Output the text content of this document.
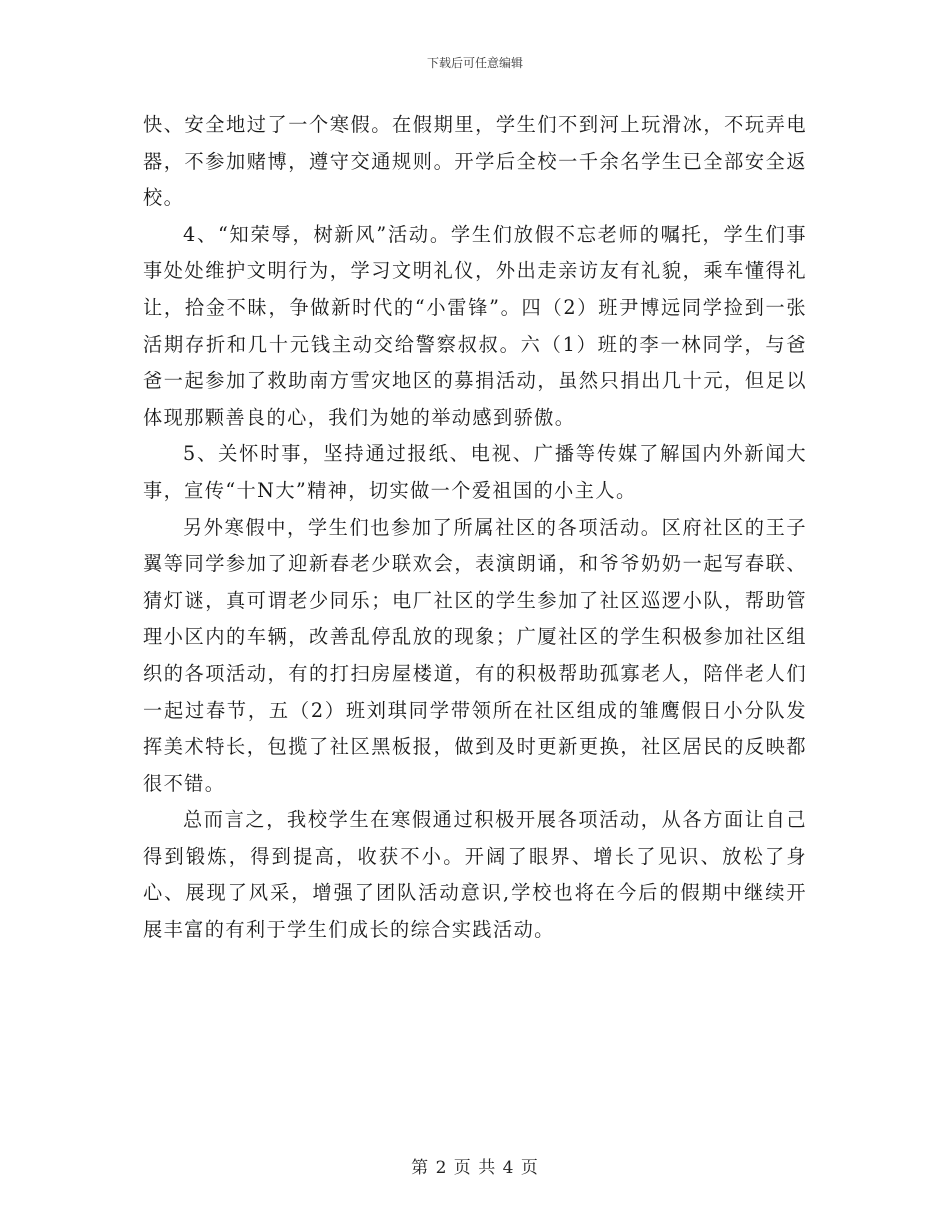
下载后可任意编辑

快、安全地过了一个寒假。在假期里，学生们不到河上玩滑冰，不玩弄电器，不参加赌博，遵守交通规则。开学后全校一千余名学生已全部安全返校。

4、“知荣辱，树新风”活动。学生们放假不忘老师的嘱托，学生们事事处处维护文明行为，学习文明礼仪，外出走亲访友有礼貌，乘车懂得礼让，拾金不昧，争做新时代的“小雷锋”。四（2）班尹博远同学捡到一张活期存折和几十元钱主动交给警察叔叔。六（1）班的李一林同学，与爸爸一起参加了救助南方雪灾地区的募捐活动，虽然只捐出几十元，但足以体现那颗善良的心，我们为她的举动感到骄傲。

5、关怀时事，坚持通过报纸、电视、广播等传媒了解国内外新闻大事，宣传“十N大”精神，切实做一个爱祖国的小主人。

另外寒假中，学生们也参加了所属社区的各项活动。区府社区的王子翼等同学参加了迎新春老少联欢会，表演朗诵，和爷爷奶奶一起写春联、猜灯谜，真可谓老少同乐；电厂社区的学生参加了社区巡逻小队，帮助管理小区内的车辆，改善乱停乱放的现象；广厦社区的学生积极参加社区组织的各项活动，有的打扫房屋楼道，有的积极帮助孤寡老人，陪伴老人们一起过春节，五（2）班刘琪同学带领所在社区组成的雏鹰假日小分队发挥美术特长，包揽了社区黑板报，做到及时更新更换，社区居民的反映都很不错。

总而言之，我校学生在寒假通过积极开展各项活动，从各方面让自己得到锻炼，得到提高，收获不小。开阔了眼界、增长了见识、放松了身心、展现了风采，增强了团队活动意识,学校也将在今后的假期中继续开展丰富的有利于学生们成长的综合实践活动。

第 2 页 共 4 页
